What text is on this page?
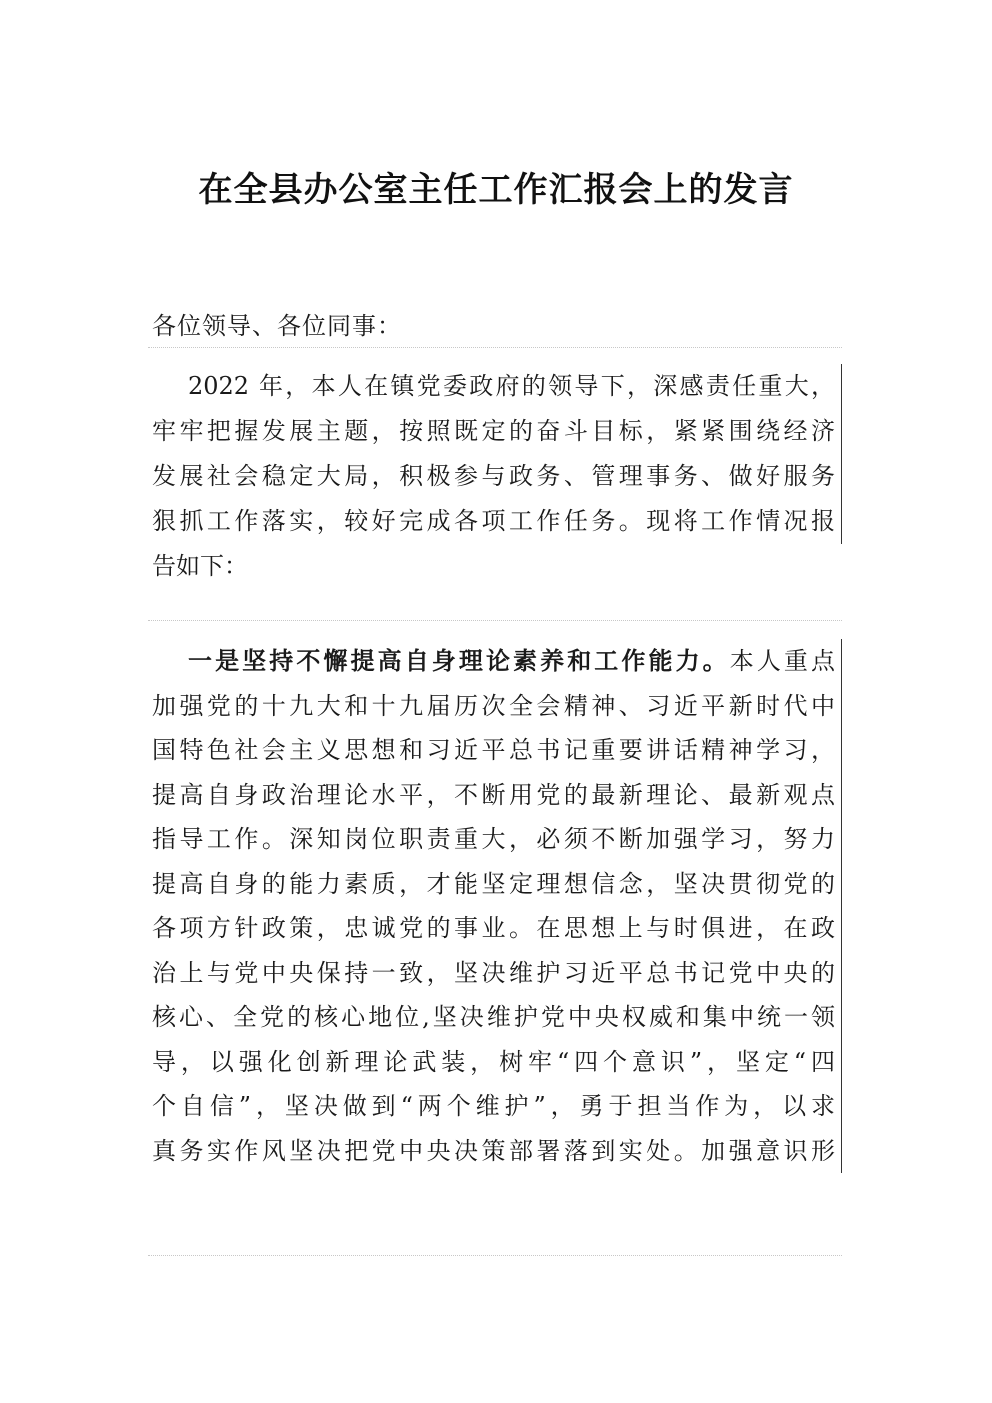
在全县办公室主任工作汇报会上的发言
各位领导、各位同事：
2022 年，本人在镇党委政府的领导下，深感责任重大，
牢牢把握发展主题，按照既定的奋斗目标，紧紧围绕经济
发展社会稳定大局，积极参与政务、管理事务、做好服务
狠抓工作落实，较好完成各项工作任务。现将工作情况报
告如下：
一是坚持不懈提高自身理论素养和工作能力。本人重点
加强党的十九大和十九届历次全会精神、习近平新时代中
国特色社会主义思想和习近平总书记重要讲话精神学习，
提高自身政治理论水平，不断用党的最新理论、最新观点
指导工作。深知岗位职责重大，必须不断加强学习，努力
提高自身的能力素质，才能坚定理想信念，坚决贯彻党的
各项方针政策，忠诚党的事业。在思想上与时俱进，在政
治上与党中央保持一致，坚决维护习近平总书记党中央的
核心、全党的核心地位,坚决维护党中央权威和集中统一领
导，以强化创新理论武装，树牢“四个意识”，坚定“四
个自信”，坚决做到“两个维护”，勇于担当作为，以求
真务实作风坚决把党中央决策部署落到实处。加强意识形
